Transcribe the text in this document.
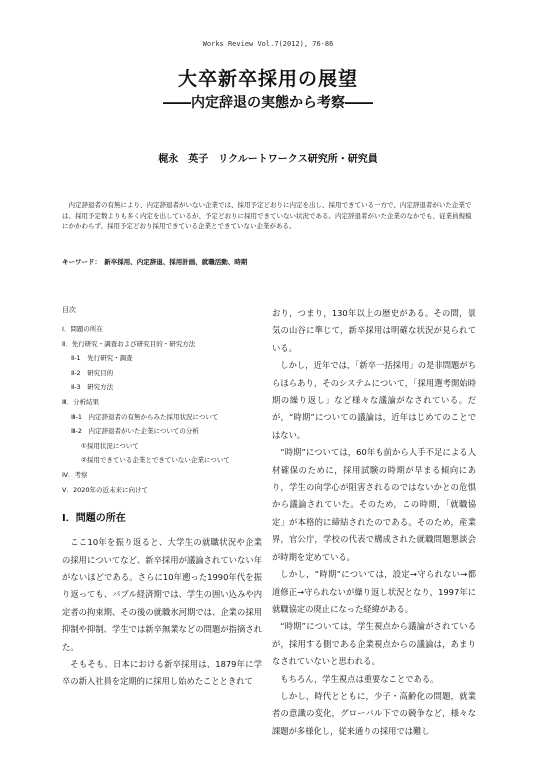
Works Review Vol.7(2012), 76-86
大卒新卒採用の展望
――内定辞退の実態から考察――
梶永　英子　リクルートワークス研究所・研究員

内定辞退者の有無により、内定辞退者がいない企業では、採用予定どおりに内定を出し、採用できている一方で、内定辞退者がいた企業では、採用予定数よりも多く内定を出しているが、予定どおりに採用できていない状況である。内定辞退者がいた企業のなかでも、従業員規模にかかわらず、採用予定どおり採用できている企業とできていない企業がある。

キーワード：　新卒採用、内定辞退、採用計画、就職活動、時期
目次
Ⅰ．問題の所在
Ⅱ．先行研究・調査および研究目的・研究方法
Ⅱ-1　先行研究・調査
Ⅱ-2　研究目的
Ⅱ-3　研究方法
Ⅲ．分析結果
Ⅲ-1　内定辞退者の有無からみた採用状況について
Ⅲ-2　内定辞退者がいた企業についての分析
①採用状況について
②採用できている企業とできていない企業について
Ⅳ．考察
Ⅴ．2020年の近未来に向けて
Ⅰ．問題の所在

ここ10年を振り返ると、大学生の就職状況や企業の採用についてなど、新卒採用が議論されていない年がないほどである。さらに10年遡った1990年代を振り返っても、バブル経済期では、学生の囲い込みや内定者の拘束期、その後の就職氷河期では、企業の採用抑制や抑制、学生では新卒無業などの問題が指摘された。

そもそも、日本における新卒採用は、1879年に学卒の新入社員を定期的に採用し始めたことときれて

おり，つまり，130年以上の歴史がある。その間，景気の山谷に準じて，新卒採用は明確な状況が見られている。

しかし，近年では，「新卒一括採用」の是非問題がちらほらあり，そのシステムについて，「採用選考開始時期の繰り返し」など様々な議論がなされている。だが，“時期”についての議論は，近年はじめてのことではない。

“時期”については，60年も前から人手不足による人材確保のために，採用試験の時期が早まる傾向にあり，学生の向学心が阻害されるのではないかとの危惧から議論されていた。そのため，この時期，「就職協定」が本格的に締結されたのである。そのため，産業界，官公庁，学校の代表で構成された就職問題懇談会が時期を定めている。

しかし，“時期”については，設定→守られない→都道修正→守られないが繰り返し状況となり，1997年に就職協定の廃止になった経緯がある。

“時期”については，学生視点から議論がされているが，採用する側である企業視点からの議論は，あまりなされていないと思われる。

もちろん，学生視点は重要なことである。

しかし，時代とともに，少子・高齢化の問題，就業者の意識の変化，グローバル下での競争など，様々な課題が多様化し，従来通りの採用では難し
